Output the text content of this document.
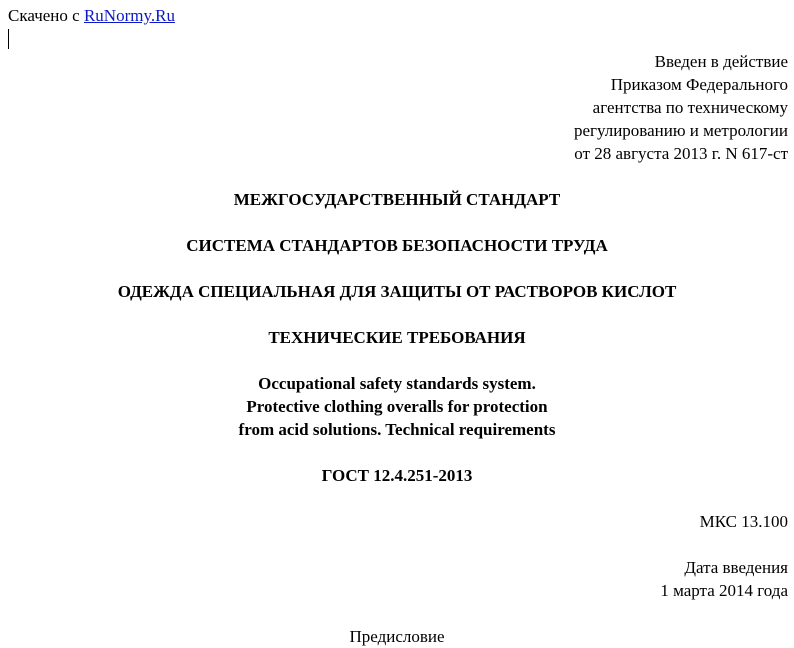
Скачено с RuNormy.Ru
Введен в действие
Приказом Федерального
агентства по техническому
регулированию и метрологии
от 28 августа 2013 г. N 617-ст
МЕЖГОСУДАРСТВЕННЫЙ СТАНДАРТ
СИСТЕМА СТАНДАРТОВ БЕЗОПАСНОСТИ ТРУДА
ОДЕЖДА СПЕЦИАЛЬНАЯ ДЛЯ ЗАЩИТЫ ОТ РАСТВОРОВ КИСЛОТ
ТЕХНИЧЕСКИЕ ТРЕБОВАНИЯ
Occupational safety standards system.
Protective clothing overalls for protection
from acid solutions. Technical requirements
ГОСТ 12.4.251-2013
МКС 13.100
Дата введения
1 марта 2014 года
Предисловие
